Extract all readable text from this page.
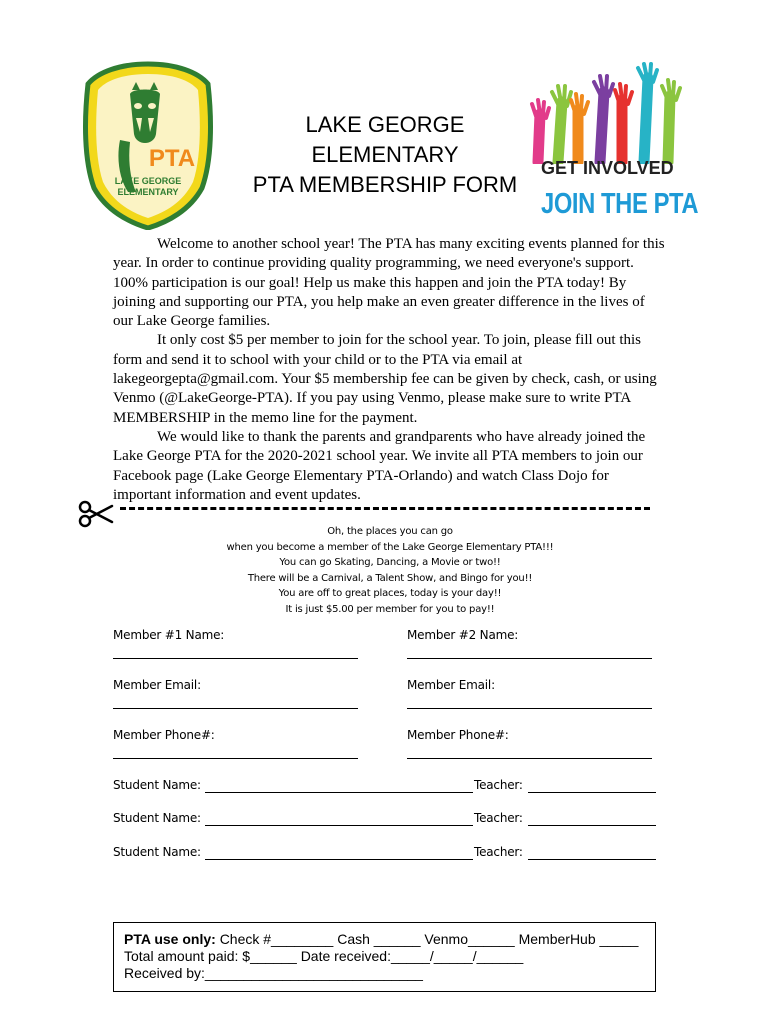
PTA
LAKE GEORGE
ELEMENTARY
LAKE GEORGE
ELEMENTARY
PTA MEMBERSHIP FORM
GET INVOLVED
JOIN THE PTA

Welcome to another school year! The PTA has many exciting events planned for this year. In order to continue providing quality programming, we need everyone's support. 100% participation is our goal! Help us make this happen and join the PTA today! By joining and supporting our PTA, you help make an even greater difference in the lives of our Lake George families.

It only cost $5 per member to join for the school year. To join, please fill out this form and send it to school with your child or to the PTA via email at lakegeorgepta@gmail.com. Your $5 membership fee can be given by check, cash, or using Venmo (@LakeGeorge-PTA). If you pay using Venmo, please make sure to write PTA MEMBERSHIP in the memo line for the payment.

We would like to thank the parents and grandparents who have already joined the Lake George PTA for the 2020-2021 school year. We invite all PTA members to join our Facebook page (Lake George Elementary PTA-Orlando) and watch Class Dojo for important information and event updates.

Oh, the places you can go
when you become a member of the Lake George Elementary PTA!!!
You can go Skating, Dancing, a Movie or two!!
There will be a Carnival, a Talent Show, and Bingo for you!!
You are off to great places, today is your day!!
It is just $5.00 per member for you to pay!!
Member #1 Name:	Member #2 Name:
Member Email:	Member Email:
Member Phone#:	Member Phone#:
Student Name:	Teacher:
Student Name:	Teacher:
Student Name:	Teacher:
PTA use only: Check #________ Cash ______ Venmo______ MemberHub _____
Total amount paid: $______ Date received:_____/_____/______
Received by:____________________________
